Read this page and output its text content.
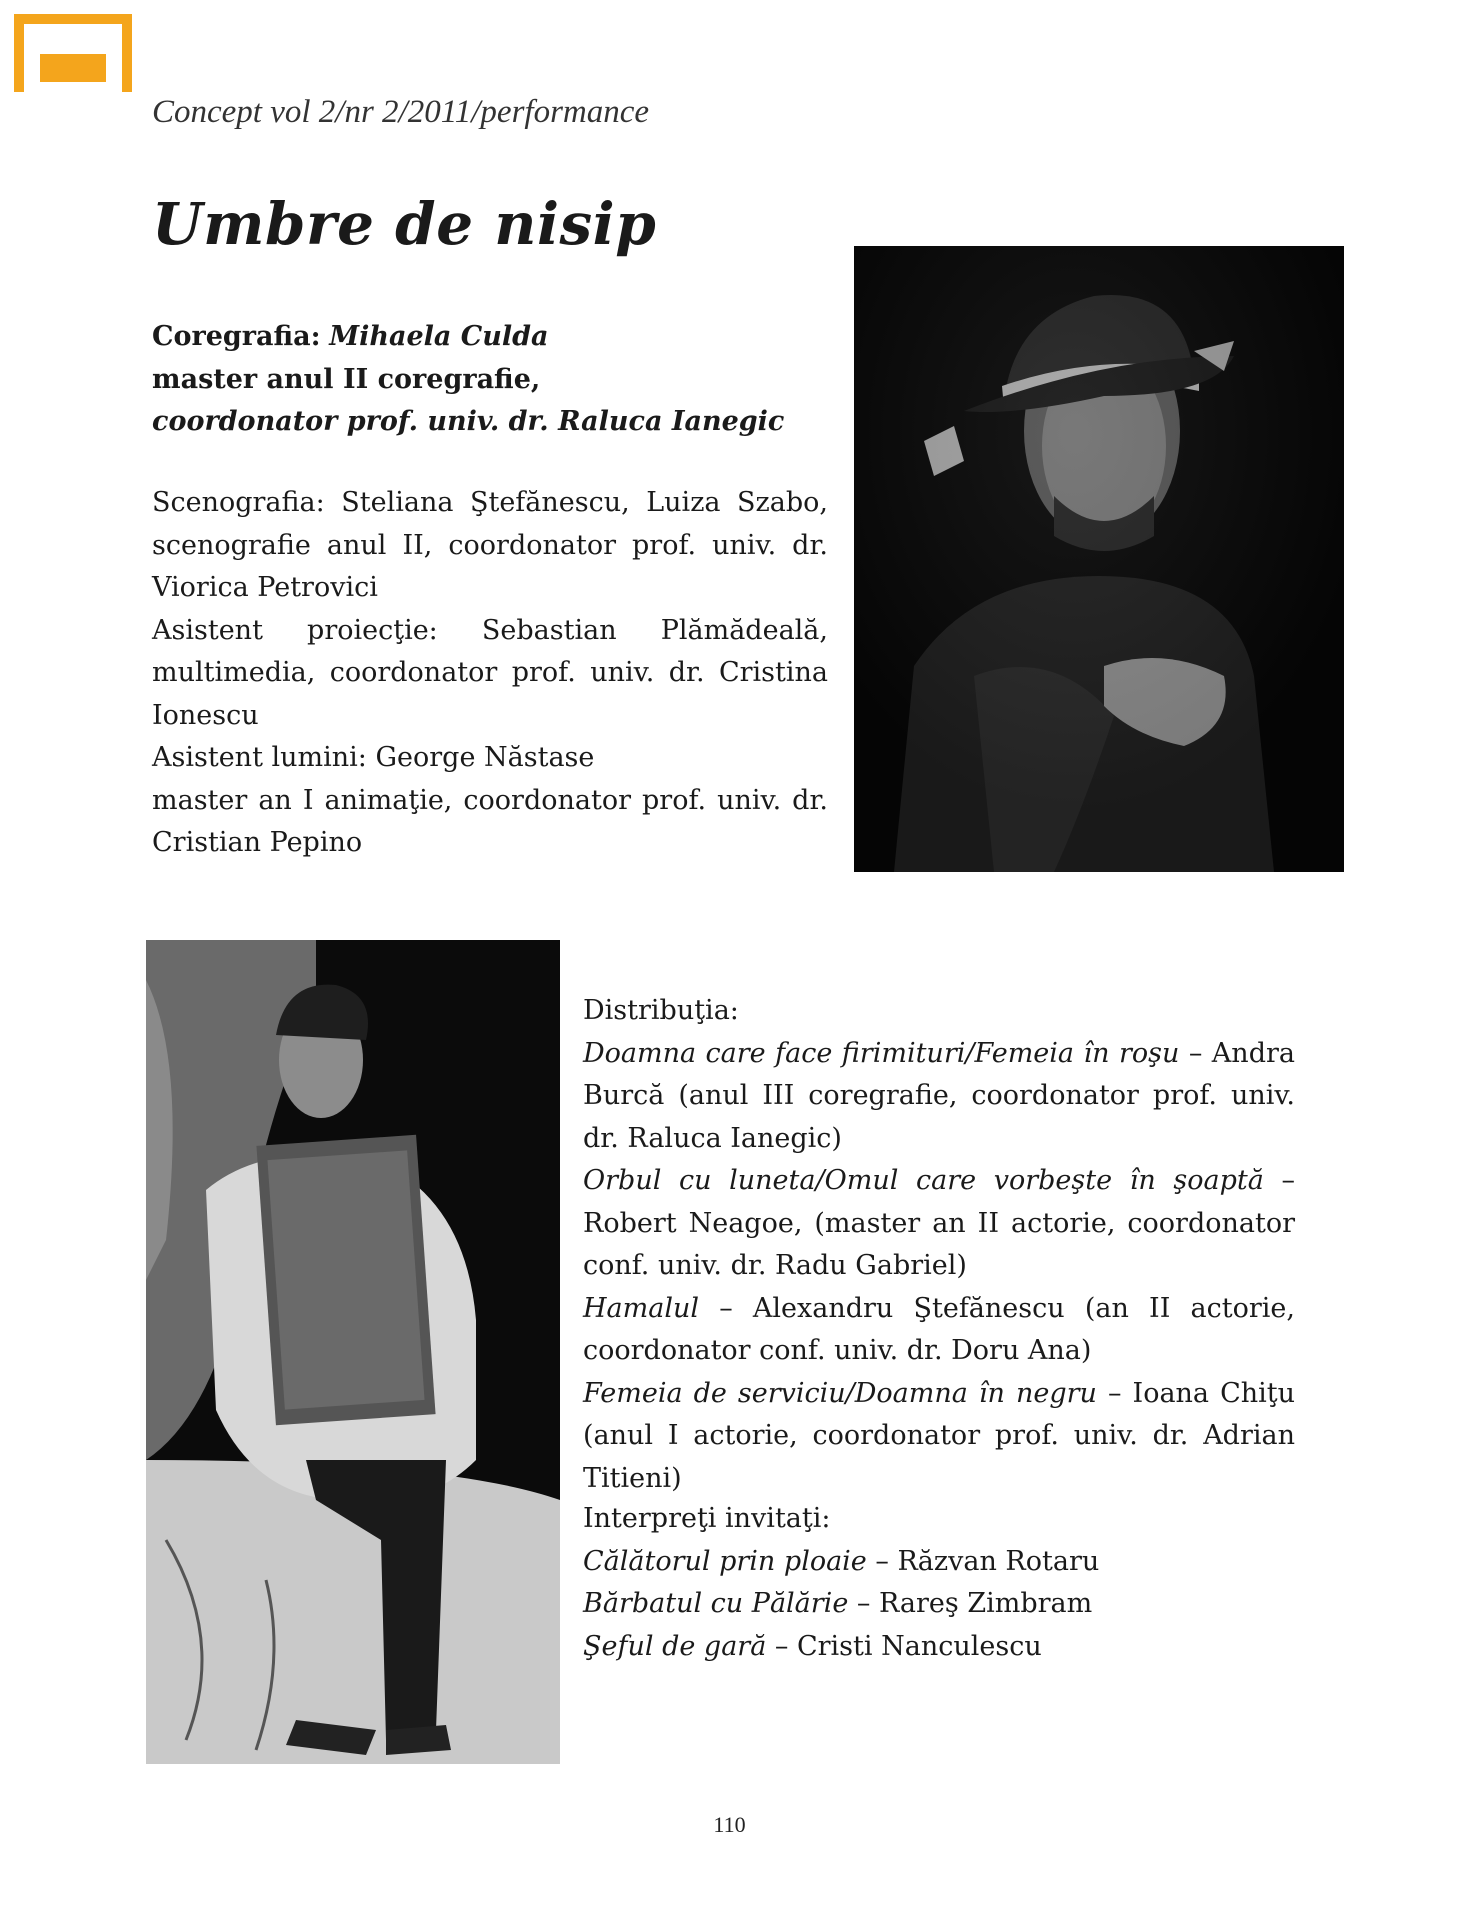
Concept vol 2/nr 2/2011/performance

Umbre de nisip
Coregrafia: Mihaela Culda
master anul II coregrafie,
coordonator prof. univ. dr. Raluca Ianegic
Scenografia: Steliana Ştefănescu, Luiza Szabo, scenografie anul II, coordonator prof. univ. dr. Viorica Petrovici
Asistent proiecţie: Sebastian Plămădeală, multimedia, coordonator prof. univ. dr. Cristina Ionescu
Asistent lumini: George Năstase
master an I animaţie, coordonator prof. univ. dr. Cristian Pepino
Distribuţia:
Doamna care face firimituri/Femeia în roşu – Andra Burcă (anul III coregrafie, coordonator prof. univ. dr. Raluca Ianegic)
Orbul cu luneta/Omul care vorbeşte în şoaptă – Robert Neagoe, (master an II actorie, coordonator conf. univ. dr. Radu Gabriel)
Hamalul – Alexandru Ştefănescu (an II actorie, coordonator conf. univ. dr. Doru Ana)
Femeia de serviciu/Doamna în negru – Ioana Chiţu (anul I actorie, coordonator prof. univ. dr. Adrian Titieni)
Interpreţi invitaţi:
Călătorul prin ploaie – Răzvan Rotaru
Bărbatul cu Pălărie – Rareş Zimbram
Şeful de gară – Cristi Nanculescu
110
